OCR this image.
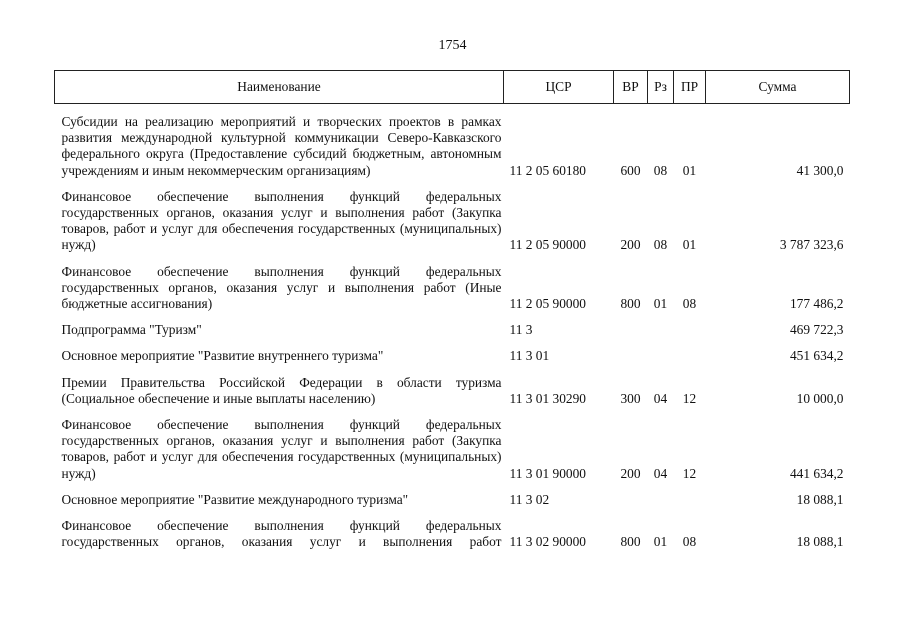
1754
Наименование	ЦСР	ВР	Рз	ПР	Сумма

Субсидии на реализацию мероприятий и творческих проектов в рамках развития международной культурной коммуникации Северо-Кавказского федерального округа (Предоставление субсидий бюджетным, автономным учреждениям и иным некоммерческим организациям)	11 2 05 60180	600	08	01	41 300,0

Финансовое обеспечение выполнения функций федеральных государственных органов, оказания услуг и выполнения работ (Закупка товаров, работ и услуг для обеспечения государственных (муниципальных) нужд)	11 2 05 90000	200	08	01	3 787 323,6

Финансовое обеспечение выполнения функций федеральных государственных органов, оказания услуг и выполнения работ (Иные бюджетные ассигнования)	11 2 05 90000	800	01	08	177 486,2

Подпрограмма "Туризм"	11 3				469 722,3

Основное мероприятие "Развитие внутреннего туризма"	11 3 01				451 634,2

Премии Правительства Российской Федерации в области туризма (Социальное обеспечение и иные выплаты населению)	11 3 01 30290	300	04	12	10 000,0

Финансовое обеспечение выполнения функций федеральных государственных органов, оказания услуг и выполнения работ (Закупка товаров, работ и услуг для обеспечения государственных (муниципальных) нужд)	11 3 01 90000	200	04	12	441 634,2

Основное мероприятие "Развитие международного туризма"	11 3 02				18 088,1

Финансовое обеспечение выполнения функций федеральных государственных органов, оказания услуг и выполнения работ	11 3 02 90000	800	01	08	18 088,1
